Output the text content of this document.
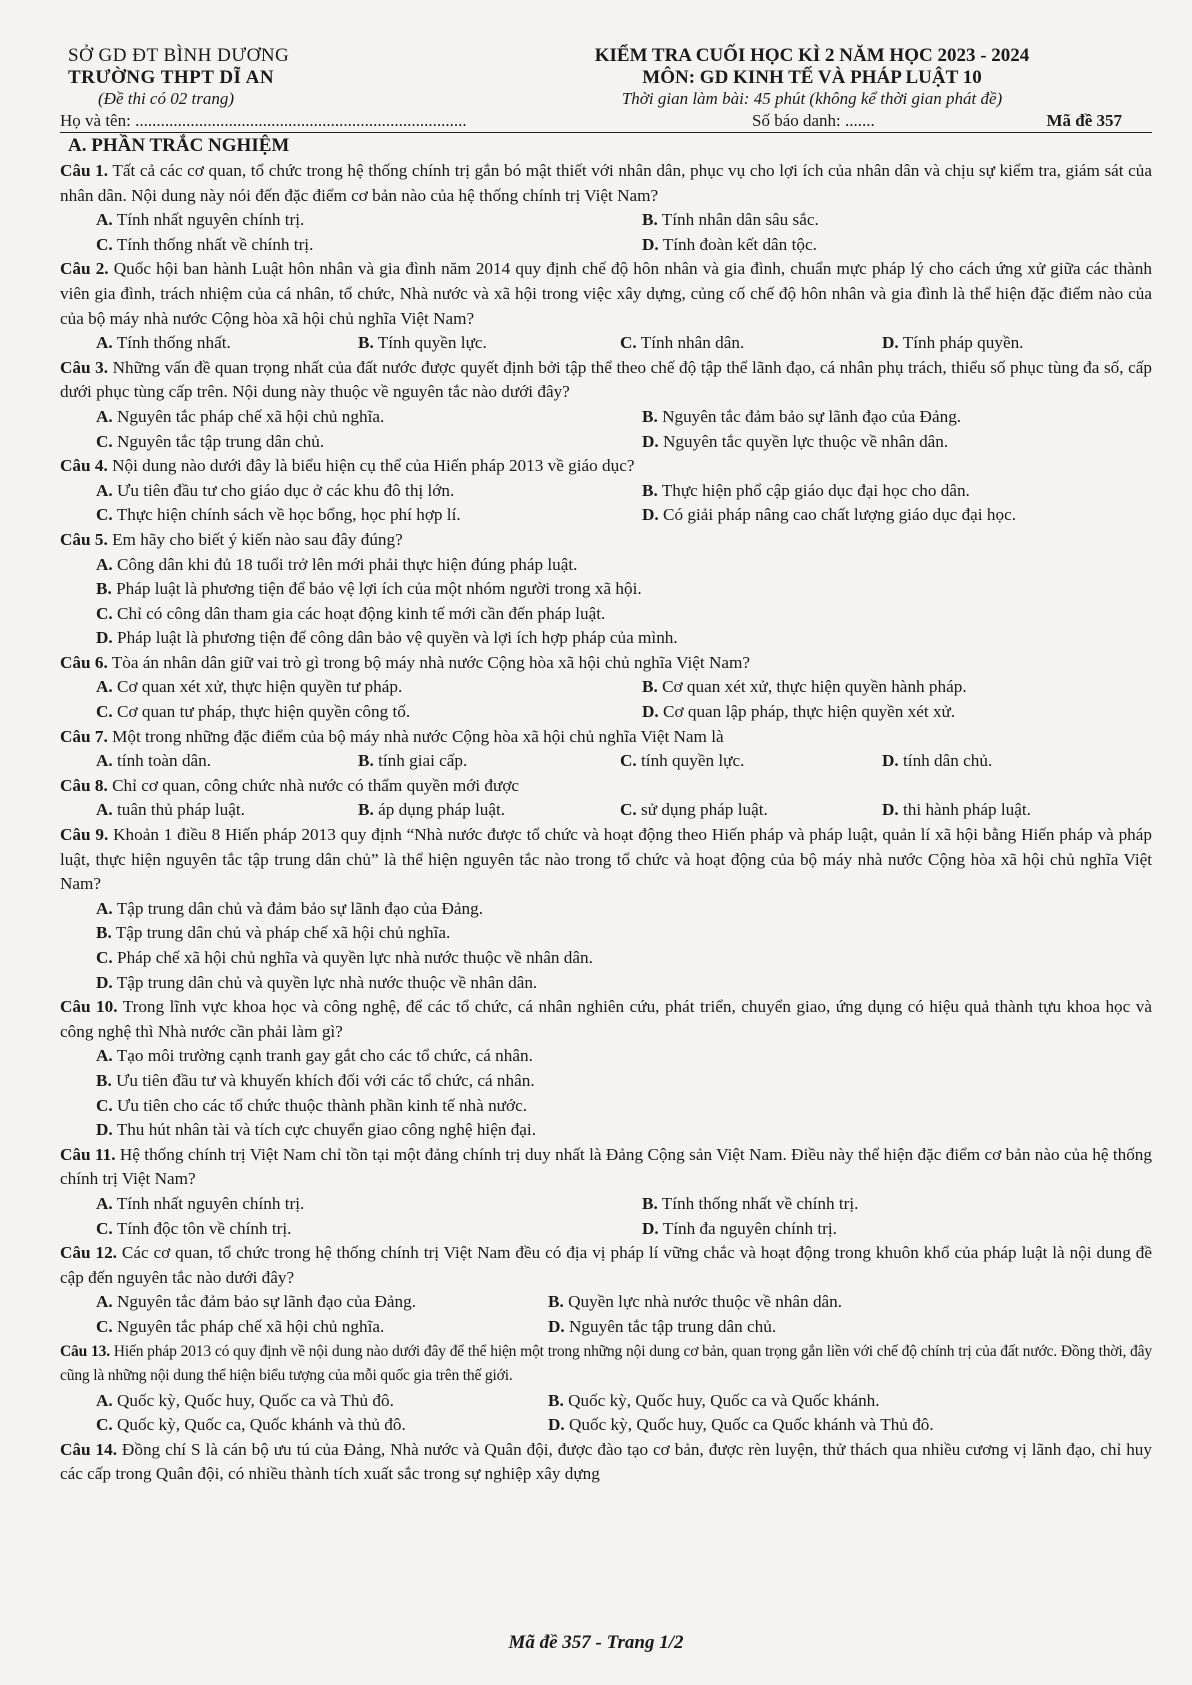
SỞ GD ĐT BÌNH DƯƠNG
TRƯỜNG THPT DĨ AN
(Đề thi có 02 trang)
KIỂM TRA CUỐI HỌC KÌ 2 NĂM HỌC 2023 - 2024
MÔN: GD KINH TẾ VÀ PHÁP LUẬT 10
Thời gian làm bài: 45 phút (không kể thời gian phát đề)
Họ và tên: ..............................................................................	Số báo danh: .......	Mã đề 357
A. PHẦN TRẮC NGHIỆM
Câu 1. Tất cả các cơ quan, tổ chức trong hệ thống chính trị gắn bó mật thiết với nhân dân, phục vụ cho lợi ích của nhân dân và chịu sự kiểm tra, giám sát của nhân dân. Nội dung này nói đến đặc điểm cơ bản nào của hệ thống chính trị Việt Nam?
A. Tính nhất nguyên chính trị.	B. Tính nhân dân sâu sắc.
C. Tính thống nhất về chính trị.	D. Tính đoàn kết dân tộc.
Câu 2. Quốc hội ban hành Luật hôn nhân và gia đình năm 2014 quy định chế độ hôn nhân và gia đình, chuẩn mực pháp lý cho cách ứng xử giữa các thành viên gia đình, trách nhiệm của cá nhân, tổ chức, Nhà nước và xã hội trong việc xây dựng, củng cố chế độ hôn nhân và gia đình là thể hiện đặc điểm nào của của bộ máy nhà nước Cộng hòa xã hội chủ nghĩa Việt Nam?
A. Tính thống nhất.	B. Tính quyền lực.	C. Tính nhân dân.	D. Tính pháp quyền.
Câu 3. Những vấn đề quan trọng nhất của đất nước được quyết định bởi tập thể theo chế độ tập thể lãnh đạo, cá nhân phụ trách, thiểu số phục tùng đa số, cấp dưới phục tùng cấp trên. Nội dung này thuộc về nguyên tắc nào dưới đây?
A. Nguyên tắc pháp chế xã hội chủ nghĩa.	B. Nguyên tắc đảm bảo sự lãnh đạo của Đảng.
C. Nguyên tắc tập trung dân chủ.	D. Nguyên tắc quyền lực thuộc về nhân dân.
Câu 4. Nội dung nào dưới đây là biểu hiện cụ thể của Hiến pháp 2013 về giáo dục?
A. Ưu tiên đầu tư cho giáo dục ở các khu đô thị lớn.	B. Thực hiện phổ cập giáo dục đại học cho dân.
C. Thực hiện chính sách về học bổng, học phí hợp lí.	D. Có giải pháp nâng cao chất lượng giáo dục đại học.
Câu 5. Em hãy cho biết ý kiến nào sau đây đúng?
A. Công dân khi đủ 18 tuổi trở lên mới phải thực hiện đúng pháp luật.
B. Pháp luật là phương tiện để bảo vệ lợi ích của một nhóm người trong xã hội.
C. Chỉ có công dân tham gia các hoạt động kinh tế mới cần đến pháp luật.
D. Pháp luật là phương tiện để công dân bảo vệ quyền và lợi ích hợp pháp của mình.
Câu 6. Tòa án nhân dân giữ vai trò gì trong bộ máy nhà nước Cộng hòa xã hội chủ nghĩa Việt Nam?
A. Cơ quan xét xử, thực hiện quyền tư pháp.	B. Cơ quan xét xử, thực hiện quyền hành pháp.
C. Cơ quan tư pháp, thực hiện quyền công tố.	D. Cơ quan lập pháp, thực hiện quyền xét xử.
Câu 7. Một trong những đặc điểm của bộ máy nhà nước Cộng hòa xã hội chủ nghĩa Việt Nam là
A. tính toàn dân.	B. tính giai cấp.	C. tính quyền lực.	D. tính dân chủ.
Câu 8. Chỉ cơ quan, công chức nhà nước có thẩm quyền mới được
A. tuân thủ pháp luật.	B. áp dụng pháp luật.	C. sử dụng pháp luật.	D. thi hành pháp luật.
Câu 9. Khoản 1 điều 8 Hiến pháp 2013 quy định “Nhà nước được tổ chức và hoạt động theo Hiến pháp và pháp luật, quản lí xã hội bằng Hiến pháp và pháp luật, thực hiện nguyên tắc tập trung dân chủ” là thể hiện nguyên tắc nào trong tổ chức và hoạt động của bộ máy nhà nước Cộng hòa xã hội chủ nghĩa Việt Nam?
A. Tập trung dân chủ và đảm bảo sự lãnh đạo của Đảng.
B. Tập trung dân chủ và pháp chế xã hội chủ nghĩa.
C. Pháp chế xã hội chủ nghĩa và quyền lực nhà nước thuộc về nhân dân.
D. Tập trung dân chủ và quyền lực nhà nước thuộc về nhân dân.
Câu 10. Trong lĩnh vực khoa học và công nghệ, để các tổ chức, cá nhân nghiên cứu, phát triển, chuyển giao, ứng dụng có hiệu quả thành tựu khoa học và công nghệ thì Nhà nước cần phải làm gì?
A. Tạo môi trường cạnh tranh gay gắt cho các tổ chức, cá nhân.
B. Ưu tiên đầu tư và khuyến khích đối với các tổ chức, cá nhân.
C. Ưu tiên cho các tổ chức thuộc thành phần kinh tế nhà nước.
D. Thu hút nhân tài và tích cực chuyển giao công nghệ hiện đại.
Câu 11. Hệ thống chính trị Việt Nam chỉ tồn tại một đảng chính trị duy nhất là Đảng Cộng sản Việt Nam. Điều này thể hiện đặc điểm cơ bản nào của hệ thống chính trị Việt Nam?
A. Tính nhất nguyên chính trị.	B. Tính thống nhất về chính trị.
C. Tính độc tôn về chính trị.	D. Tính đa nguyên chính trị.
Câu 12. Các cơ quan, tổ chức trong hệ thống chính trị Việt Nam đều có địa vị pháp lí vững chắc và hoạt động trong khuôn khổ của pháp luật là nội dung đề cập đến nguyên tắc nào dưới đây?
A. Nguyên tắc đảm bảo sự lãnh đạo của Đảng.	B. Quyền lực nhà nước thuộc về nhân dân.
C. Nguyên tắc pháp chế xã hội chủ nghĩa.	D. Nguyên tắc tập trung dân chủ.
Câu 13. Hiến pháp 2013 có quy định về nội dung nào dưới đây để thể hiện một trong những nội dung cơ bản, quan trọng gắn liền với chế độ chính trị của đất nước. Đồng thời, đây cũng là những nội dung thể hiện biểu tượng của mỗi quốc gia trên thế giới.
A. Quốc kỳ, Quốc huy, Quốc ca và Thủ đô.	B. Quốc kỳ, Quốc huy, Quốc ca và Quốc khánh.
C. Quốc kỳ, Quốc ca, Quốc khánh và thủ đô.	D. Quốc kỳ, Quốc huy, Quốc ca Quốc khánh và Thủ đô.
Câu 14. Đồng chí S là cán bộ ưu tú của Đảng, Nhà nước và Quân đội, được đào tạo cơ bản, được rèn luyện, thử thách qua nhiều cương vị lãnh đạo, chỉ huy các cấp trong Quân đội, có nhiều thành tích xuất sắc trong sự nghiệp xây dựng
Mã đề 357 - Trang 1/2
